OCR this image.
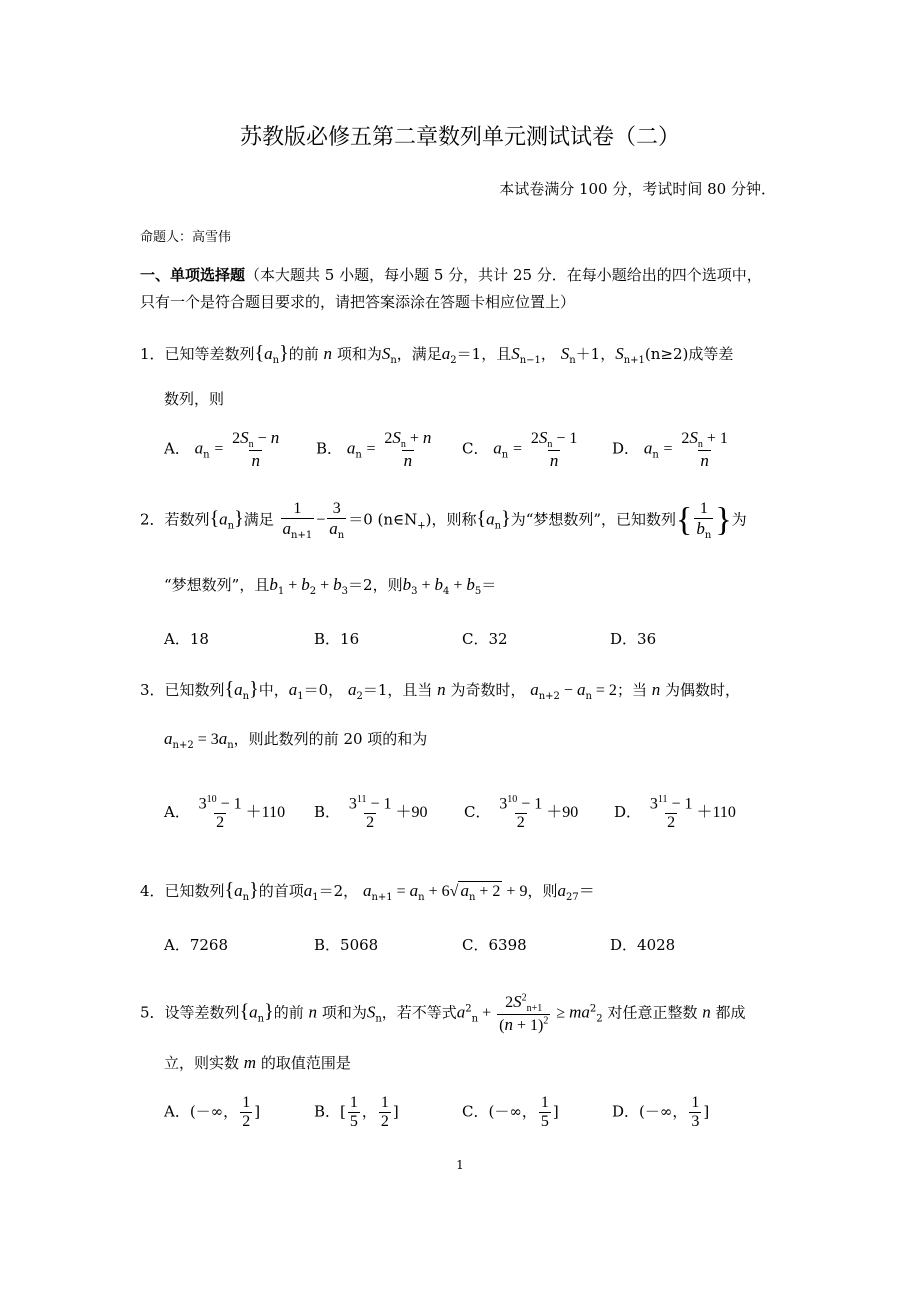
苏教版必修五第二章数列单元测试试卷（二）
本试卷满分 100 分，考试时间 80 分钟．
命题人：高雪伟
一、单项选择题（本大题共 5 小题，每小题 5 分，共计 25 分．在每小题给出的四个选项中，
只有一个是符合题目要求的，请把答案添涂在答题卡相应位置上）
1．已知等差数列$\{a_n\}$的前 n 项和为$S_n$，满足$a_2=1$，且$S_{n-1}$， $S_n+1$，$S_{n+1}(n\ge 2)$成等差
数列，则
A． $a_n = \frac{2S_n - n}{n}$ B． $a_n = \frac{2S_n + n}{n}$ C． $a_n = \frac{2S_n - 1}{n}$ D． $a_n = \frac{2S_n + 1}{n}$
2．若数列$\{a_n\}$满足 $\frac{1}{a_{n+1}} - \frac{3}{a_n} =0$ $(n\in N_+)$，则称$\{a_n\}$为“梦想数列”，已知数列{ $\frac{1}{b_n}$ }为
“梦想数列”，且$b_1 + b_2 + b_3=2$，则$b_3 + b_4 + b_5=$
A．18	B．16	C．32	D．36
3．已知数列$\{a_n\}$中，$a_1=0$， $a_2=1$，且当 n 为奇数时， $a_{n+2} - a_n = 2$；当 n 为偶数时，
$a_{n+2} = 3a_n$，则此数列的前 20 项的和为
A． $\frac{3^{10} - 1}{2} +110$ B． $\frac{3^{11} - 1}{2} +90$ C． $\frac{3^{10} - 1}{2} +90$ D． $\frac{3^{11} - 1}{2} +110$
4．已知数列$\{a_n\}$的首项$a_1=2$， $a_{n+1} = a_n + 6√$ $a_n + 2 + 9$，则$a_{27}=$
A．7268	B．5068	C．6398	D．4028
5．设等差数列$\{a_n\}$的前 n 项和为$S_n$，若不等式$a^2_n + \frac{2S^2_{n+1}}{(n + 1)^2} \ge ma^2_2$ 对任意正整数 n 都成
立，则实数 m 的取值范围是
A．(－∞， $\frac{1}{2}$ ]	B．[ $\frac{1}{5}$ ， $\frac{1}{2}$ ]	C．(－∞， $\frac{1}{5}$ ]	D．(－∞， $\frac{1}{3}$ ]
1
